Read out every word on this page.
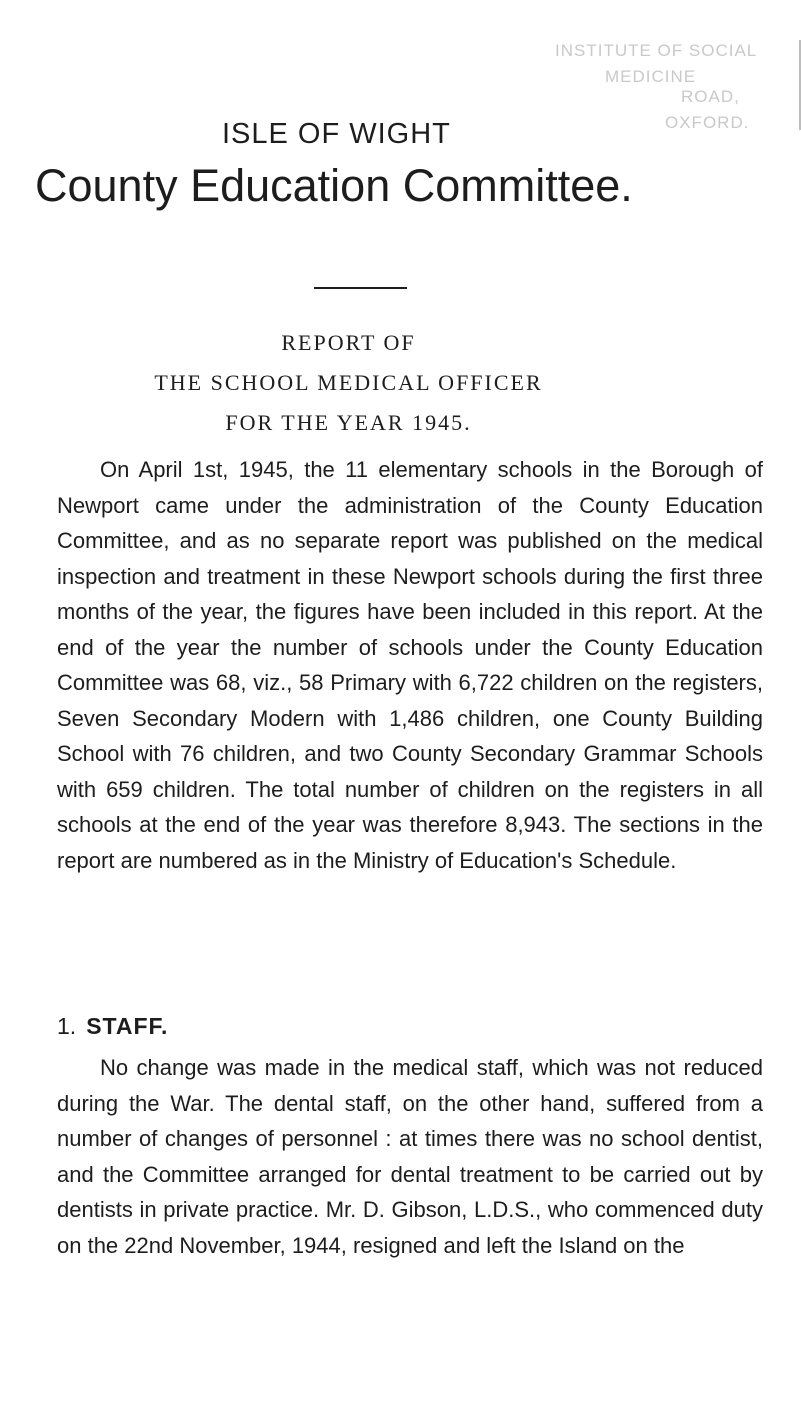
INSTITUTE OF SOCIAL
MEDICINE
ROAD,
OXFORD.
ISLE OF WIGHT
County Education Committee.
REPORT OF
THE SCHOOL MEDICAL OFFICER
FOR THE YEAR 1945.

On April 1st, 1945, the 11 elementary schools in the Borough of Newport came under the administration of the County Education Committee, and as no separate report was published on the medical inspection and treatment in these Newport schools during the first three months of the year, the figures have been included in this report. At the end of the year the number of schools under the County Education Committee was 68, viz., 58 Primary with 6,722 children on the registers, Seven Secondary Modern with 1,486 children, one County Building School with 76 children, and two County Secondary Grammar Schools with 659 children. The total number of children on the registers in all schools at the end of the year was therefore 8,943. The sections in the report are numbered as in the Ministry of Education's Schedule.

1. STAFF.

No change was made in the medical staff, which was not reduced during the War. The dental staff, on the other hand, suffered from a number of changes of personnel : at times there was no school dentist, and the Committee arranged for dental treatment to be carried out by dentists in private practice. Mr. D. Gibson, L.D.S., who commenced duty on the 22nd November, 1944, resigned and left the Island on the
